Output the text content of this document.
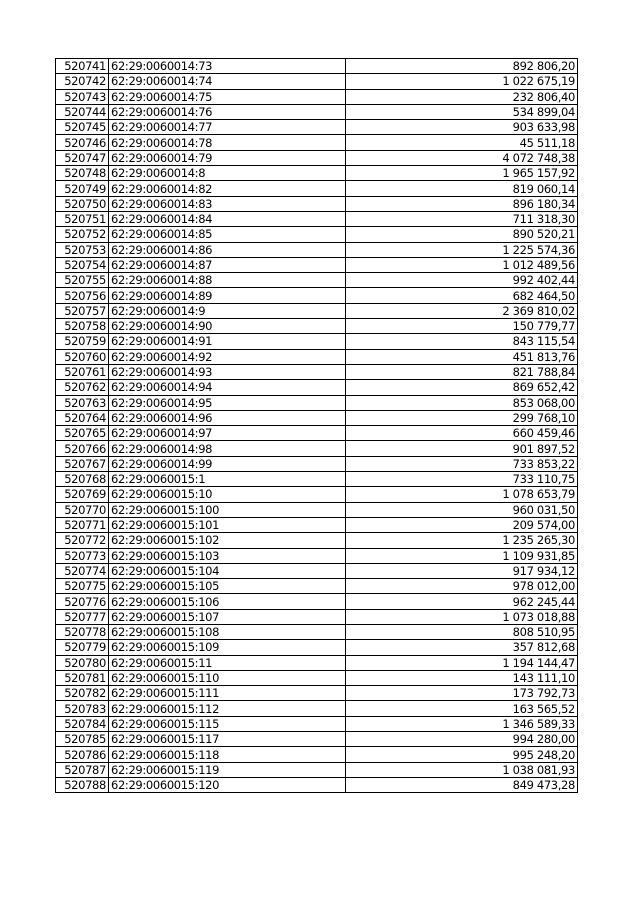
520741	62:29:0060014:73	892 806,20
520742	62:29:0060014:74	1 022 675,19
520743	62:29:0060014:75	232 806,40
520744	62:29:0060014:76	534 899,04
520745	62:29:0060014:77	903 633,98
520746	62:29:0060014:78	45 511,18
520747	62:29:0060014:79	4 072 748,38
520748	62:29:0060014:8	1 965 157,92
520749	62:29:0060014:82	819 060,14
520750	62:29:0060014:83	896 180,34
520751	62:29:0060014:84	711 318,30
520752	62:29:0060014:85	890 520,21
520753	62:29:0060014:86	1 225 574,36
520754	62:29:0060014:87	1 012 489,56
520755	62:29:0060014:88	992 402,44
520756	62:29:0060014:89	682 464,50
520757	62:29:0060014:9	2 369 810,02
520758	62:29:0060014:90	150 779,77
520759	62:29:0060014:91	843 115,54
520760	62:29:0060014:92	451 813,76
520761	62:29:0060014:93	821 788,84
520762	62:29:0060014:94	869 652,42
520763	62:29:0060014:95	853 068,00
520764	62:29:0060014:96	299 768,10
520765	62:29:0060014:97	660 459,46
520766	62:29:0060014:98	901 897,52
520767	62:29:0060014:99	733 853,22
520768	62:29:0060015:1	733 110,75
520769	62:29:0060015:10	1 078 653,79
520770	62:29:0060015:100	960 031,50
520771	62:29:0060015:101	209 574,00
520772	62:29:0060015:102	1 235 265,30
520773	62:29:0060015:103	1 109 931,85
520774	62:29:0060015:104	917 934,12
520775	62:29:0060015:105	978 012,00
520776	62:29:0060015:106	962 245,44
520777	62:29:0060015:107	1 073 018,88
520778	62:29:0060015:108	808 510,95
520779	62:29:0060015:109	357 812,68
520780	62:29:0060015:11	1 194 144,47
520781	62:29:0060015:110	143 111,10
520782	62:29:0060015:111	173 792,73
520783	62:29:0060015:112	163 565,52
520784	62:29:0060015:115	1 346 589,33
520785	62:29:0060015:117	994 280,00
520786	62:29:0060015:118	995 248,20
520787	62:29:0060015:119	1 038 081,93
520788	62:29:0060015:120	849 473,28
